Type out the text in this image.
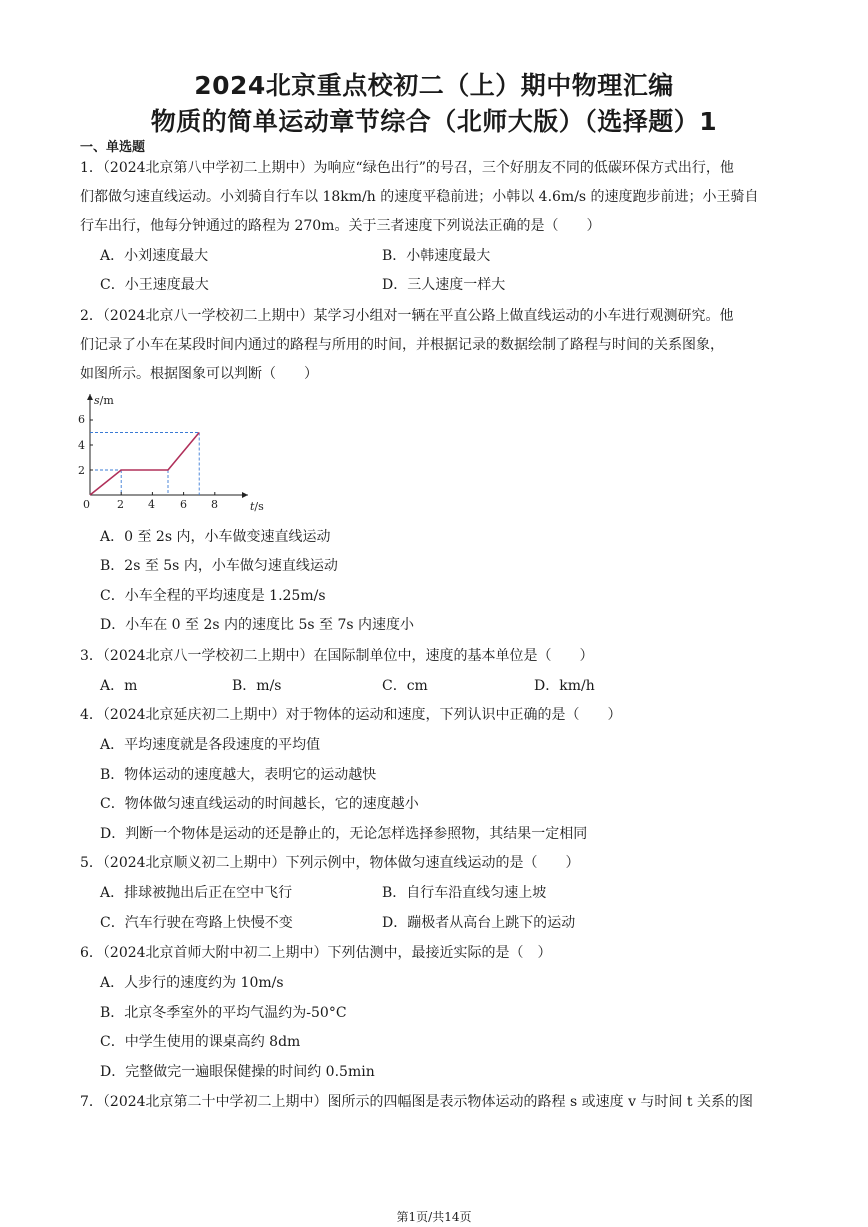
2024北京重点校初二（上）期中物理汇编
物质的简单运动章节综合（北师大版）（选择题）1
一、单选题
1．（2024北京第八中学初二上期中）为响应“绿色出行”的号召，三个好朋友不同的低碳环保方式出行，他
们都做匀速直线运动。小刘骑自行车以 18km/h 的速度平稳前进；小韩以 4.6m/s 的速度跑步前进；小王骑自
行车出行，他每分钟通过的路程为 270m。关于三者速度下列说法正确的是（　　）
A．小刘速度最大	B．小韩速度最大
C．小王速度最大	D．三人速度一样大
2．（2024北京八一学校初二上期中）某学习小组对一辆在平直公路上做直线运动的小车进行观测研究。他
们记录了小车在某段时间内通过的路程与所用的时间，并根据记录的数据绘制了路程与时间的关系图象，
如图所示。根据图象可以判断（　　）
s/m
t/s
0 2 4 6 8
2
4
6
A．0 至 2s 内，小车做变速直线运动
B．2s 至 5s 内，小车做匀速直线运动
C．小车全程的平均速度是 1.25m/s
D．小车在 0 至 2s 内的速度比 5s 至 7s 内速度小
3．（2024北京八一学校初二上期中）在国际制单位中，速度的基本单位是（　　）
A．m	B．m/s	C．cm	D．km/h
4．（2024北京延庆初二上期中）对于物体的运动和速度，下列认识中正确的是（　　）
A．平均速度就是各段速度的平均值
B．物体运动的速度越大，表明它的运动越快
C．物体做匀速直线运动的时间越长，它的速度越小
D．判断一个物体是运动的还是静止的，无论怎样选择参照物，其结果一定相同
5．（2024北京顺义初二上期中）下列示例中，物体做匀速直线运动的是（　　）
A．排球被抛出后正在空中飞行	B．自行车沿直线匀速上坡
C．汽车行驶在弯路上快慢不变	D．蹦极者从高台上跳下的运动
6．（2024北京首师大附中初二上期中）下列估测中，最接近实际的是（　）
A．人步行的速度约为 10m/s
B．北京冬季室外的平均气温约为-50°C
C．中学生使用的课桌高约 8dm
D．完整做完一遍眼保健操的时间约 0.5min
7．（2024北京第二十中学初二上期中）图所示的四幅图是表示物体运动的路程 s 或速度 v 与时间 t 关系的图
第1页/共14页
